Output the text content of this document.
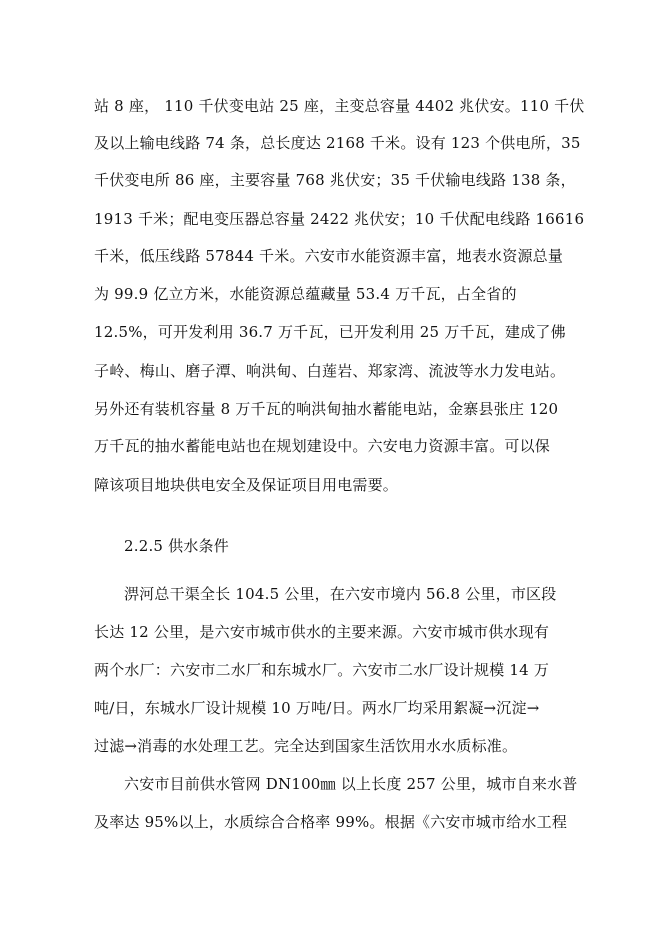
站 8 座， 110 千伏变电站 25 座，主变总容量 4402 兆伏安。110 千伏
及以上输电线路 74 条，总长度达 2168 千米。设有 123 个供电所，35
千伏变电所 86 座，主要容量 768 兆伏安；35 千伏输电线路 138 条，
1913 千米；配电变压器总容量 2422 兆伏安；10 千伏配电线路 16616
千米，低压线路 57844 千米。六安市水能资源丰富，地表水资源总量
为 99.9 亿立方米，水能资源总蕴藏量 53.4 万千瓦，占全省的
12.5%，可开发利用 36.7 万千瓦，已开发利用 25 万千瓦，建成了佛
子岭、梅山、磨子潭、响洪甸、白莲岩、郑家湾、流波等水力发电站。
另外还有装机容量 8 万千瓦的响洪甸抽水蓄能电站，金寨县张庄 120
万千瓦的抽水蓄能电站也在规划建设中。六安电力资源丰富。可以保
障该项目地块供电安全及保证项目用电需要。
2.2.5 供水条件
淠河总干渠全长 104.5 公里，在六安市境内 56.8 公里，市区段
长达 12 公里，是六安市城市供水的主要来源。六安市城市供水现有
两个水厂：六安市二水厂和东城水厂。六安市二水厂设计规模 14 万
吨/日，东城水厂设计规模 10 万吨/日。两水厂均采用絮凝→沉淀→
过滤→消毒的水处理工艺。完全达到国家生活饮用水水质标准。
六安市目前供水管网 DN100㎜ 以上长度 257 公里，城市自来水普
及率达 95%以上，水质综合合格率 99%。根据《六安市城市给水工程
